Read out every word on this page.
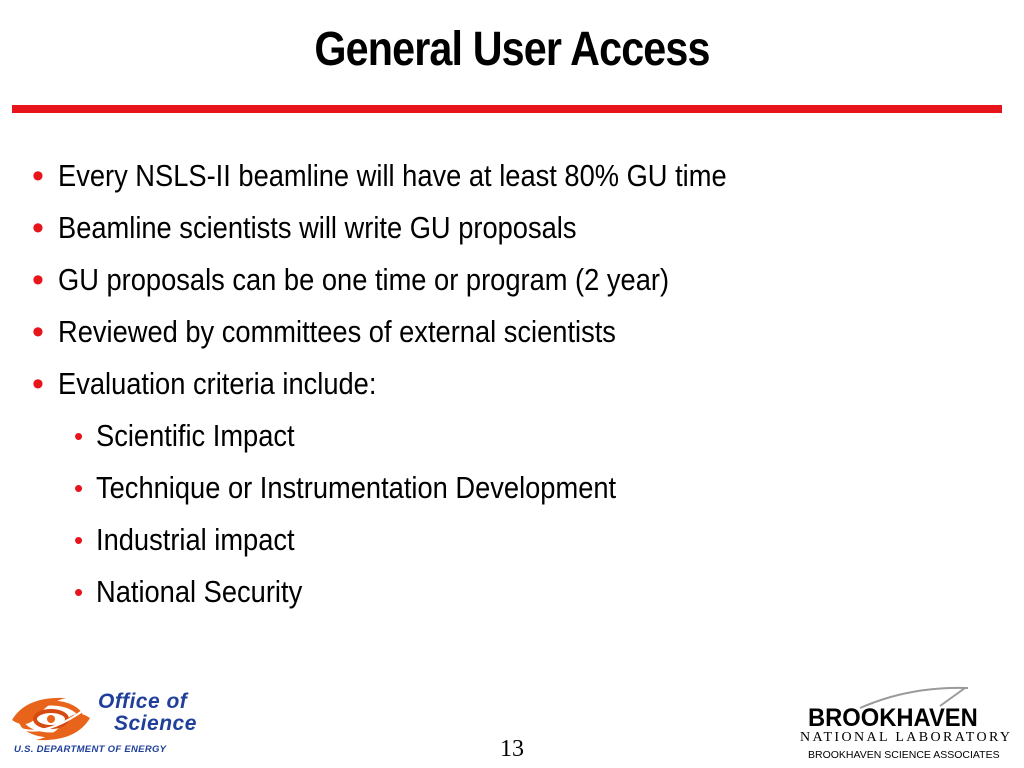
General User Access
• Every NSLS-II beamline will have at least 80% GU time
• Beamline scientists will write GU proposals
• GU proposals can be one time or program (2 year)
• Reviewed by committees of external scientists
• Evaluation criteria include:
• Scientific Impact
• Technique or Instrumentation Development
• Industrial impact
• National Security
Office of
Science
U.S. DEPARTMENT OF ENERGY	13
BROOKHAVEN
NATIONAL LABORATORY
BROOKHAVEN SCIENCE ASSOCIATES
